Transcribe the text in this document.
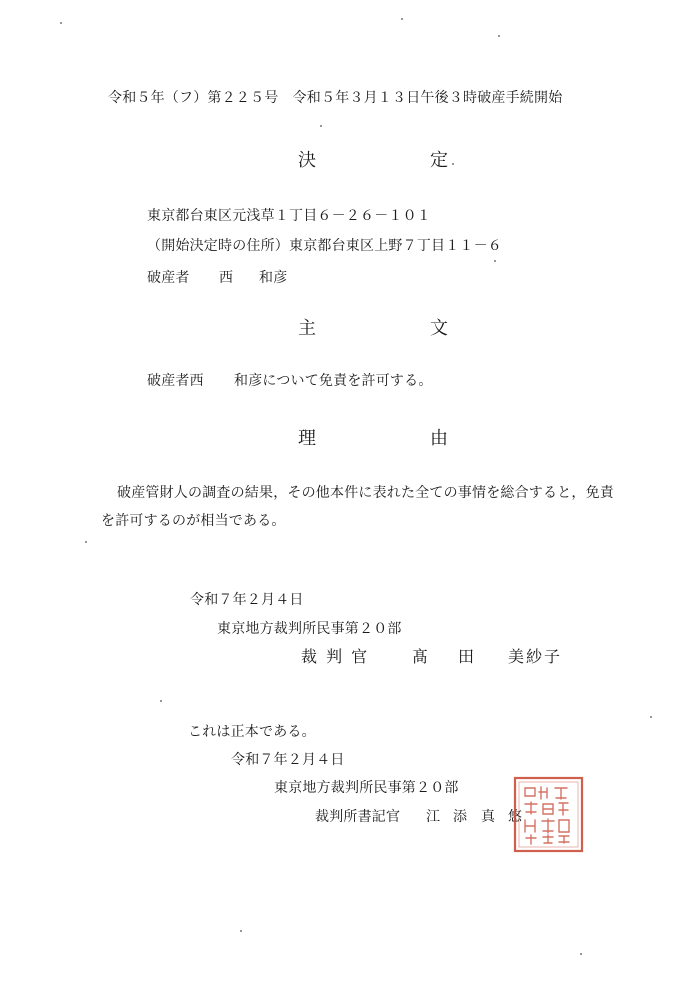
令和５年（フ）第２２５号　令和５年３月１３日午後３時破産手続開始
決	定
東京都台東区元浅草１丁目６－２６－１０１
（開始決定時の住所）東京都台東区上野７丁目１１－６
破産者 西 和彦
主	文
破産者西 和彦について免責を許可する。
理	由
破産管財人の調査の結果，その他本件に表れた全ての事情を総合すると，免責
を許可するのが相当である。
令和７年２月４日
東京地方裁判所民事第２０部
裁 判 官	髙 田 美紗子
これは正本である。
令和７年２月４日
東京地方裁判所民事第２０部
裁判所書記官 江 添 真 悠
